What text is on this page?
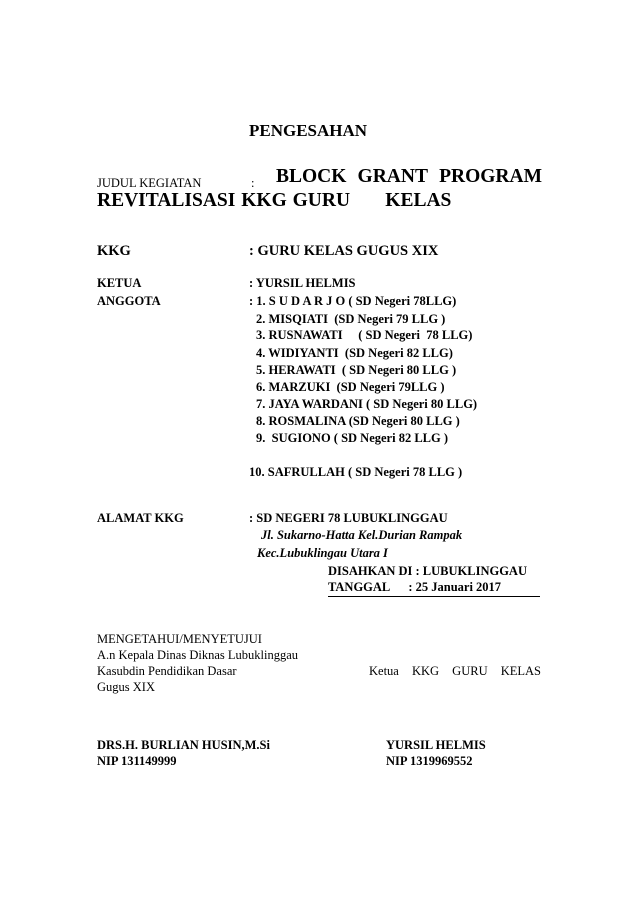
PENGESAHAN
JUDUL KEGIATAN	: BLOCK GRANT PROGRAM
REVITALISASI KKG GURU      KELAS
KKG	: GURU KELAS GUGUS XIX
KETUA	: YURSIL HELMIS
ANGGOTA	: 1. S U D A R J O ( SD Negeri 78LLG)
2. MISQIATI  (SD Negeri 79 LLG )
3. RUSNAWATI     ( SD Negeri  78 LLG)
4. WIDIYANTI  (SD Negeri 82 LLG)
5. HERAWATI  ( SD Negeri 80 LLG )
6. MARZUKI  (SD Negeri 79LLG )
7. JAYA WARDANI ( SD Negeri 80 LLG)
8. ROSMALINA (SD Negeri 80 LLG )
9.  SUGIONO ( SD Negeri 82 LLG )
10. SAFRULLAH ( SD Negeri 78 LLG )
ALAMAT KKG	: SD NEGERI 78 LUBUKLINGGAU
Jl. Sukarno-Hatta Kel.Durian Rampak
Kec.Lubuklingau Utara I
DISAHKAN DI : LUBUKLINGGAU
TANGGAL      : 25 Januari 2017
MENGETAHUI/MENYETUJUI
A.n Kepala Dinas Diknas Lubuklinggau
Kasubdin Pendidikan Dasar
Gugus XIX
Ketua KKG GURU KELAS
DRS.H. BURLIAN HUSIN,M.Si
NIP 131149999
YURSIL HELMIS
NIP 1319969552
